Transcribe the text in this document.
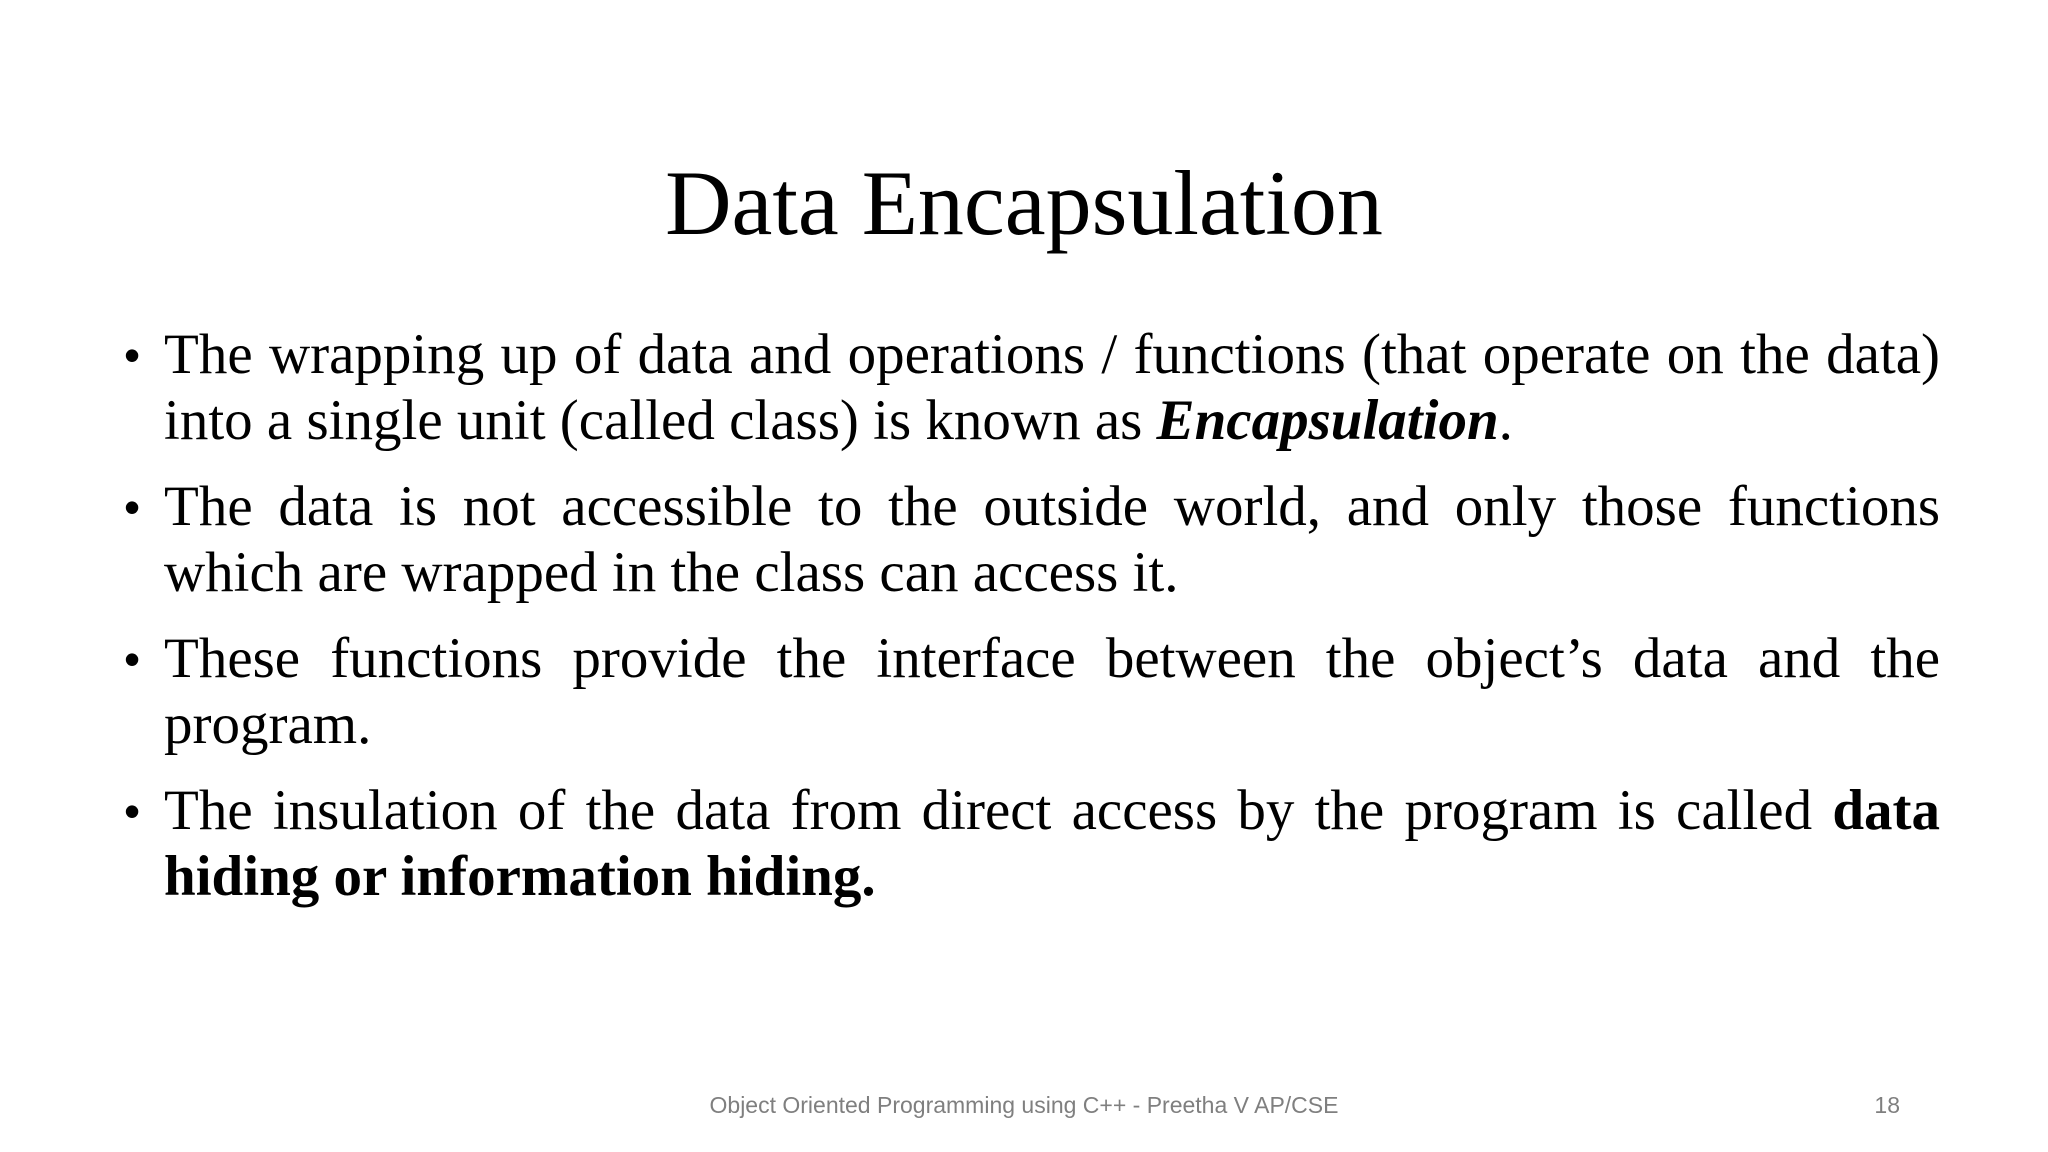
Data Encapsulation
• The wrapping up of data and operations / functions (that operate on the data) into a single unit (called class) is known as Encapsulation.
• The data is not accessible to the outside world, and only those functions which are wrapped in the class can access it.
• These functions provide the interface between the object’s data and the program.
• The insulation of the data from direct access by the program is called data hiding or information hiding.
Object Oriented Programming using C++ - Preetha V AP/CSE	18
